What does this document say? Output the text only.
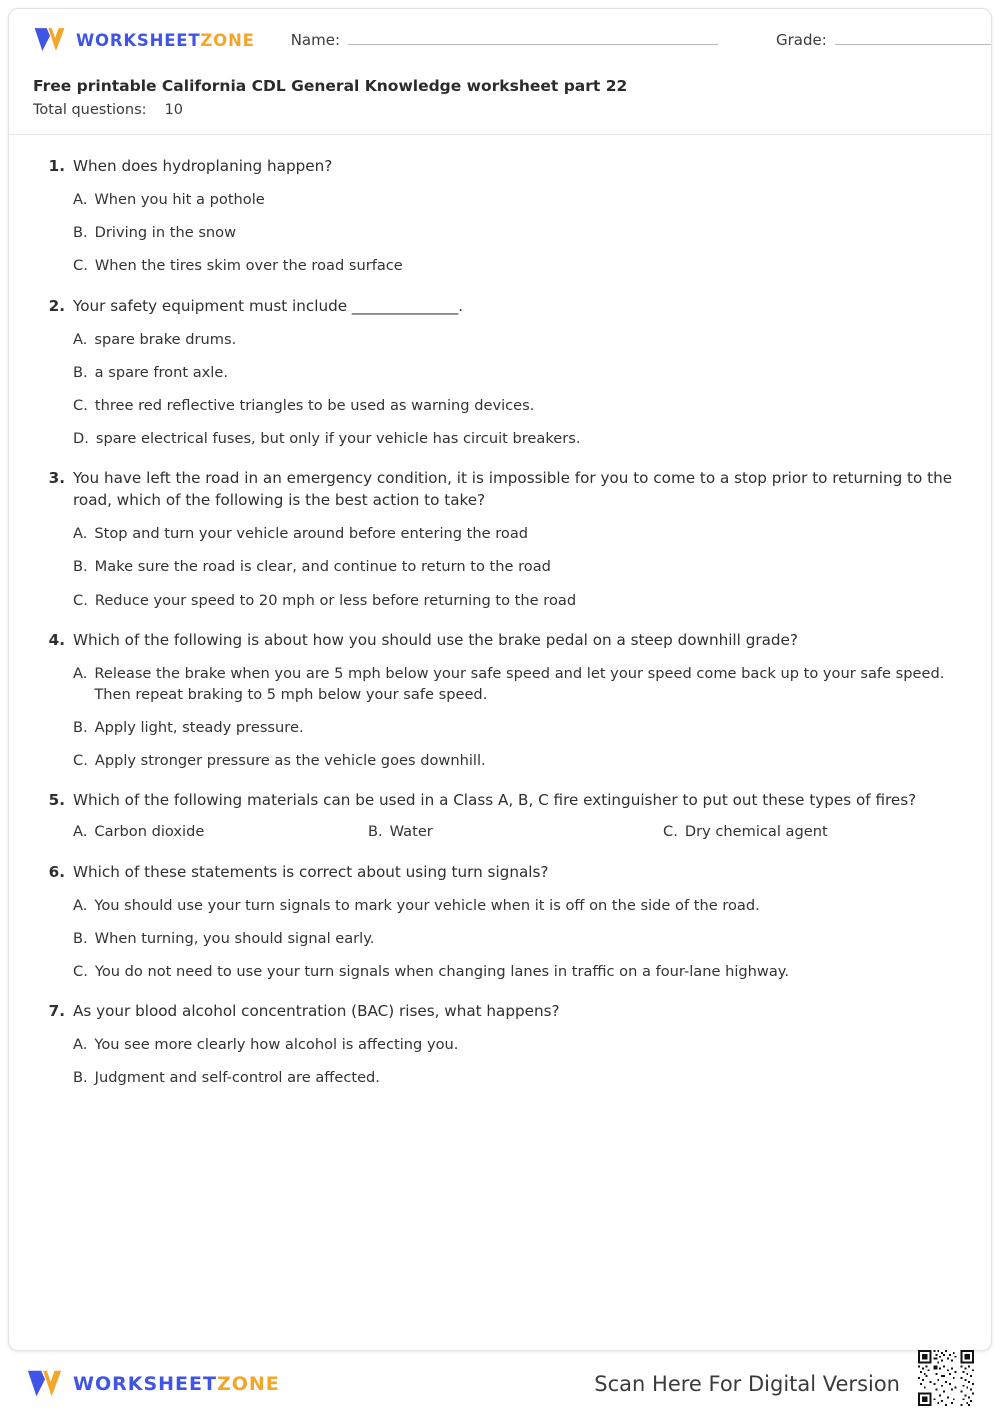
WORKSHEETZONE Name:	Grade:
Free printable California CDL General Knowledge worksheet part 22
Total questions: 10
1. When does hydroplaning happen?
A. When you hit a pothole
B. Driving in the snow
C. When the tires skim over the road surface
2. Your safety equipment must include ______________.
A. spare brake drums.
B. a spare front axle.
C. three red reflective triangles to be used as warning devices.
D. spare electrical fuses, but only if your vehicle has circuit breakers.
3. You have left the road in an emergency condition, it is impossible for you to come to a stop prior to returning to the road, which of the following is the best action to take?
A. Stop and turn your vehicle around before entering the road
B. Make sure the road is clear, and continue to return to the road
C. Reduce your speed to 20 mph or less before returning to the road
4. Which of the following is about how you should use the brake pedal on a steep downhill grade?
A. Release the brake when you are 5 mph below your safe speed and let your speed come back up to your safe speed. Then repeat braking to 5 mph below your safe speed.
B. Apply light, steady pressure.
C. Apply stronger pressure as the vehicle goes downhill.
5. Which of the following materials can be used in a Class A, B, C fire extinguisher to put out these types of fires?
A. Carbon dioxide	B. Water	C. Dry chemical agent
6. Which of these statements is correct about using turn signals?
A. You should use your turn signals to mark your vehicle when it is off on the side of the road.
B. When turning, you should signal early.
C. You do not need to use your turn signals when changing lanes in traffic on a four-lane highway.
7. As your blood alcohol concentration (BAC) rises, what happens?
A. You see more clearly how alcohol is affecting you.
B. Judgment and self-control are affected.
WORKSHEETZONE	Scan Here For Digital Version
